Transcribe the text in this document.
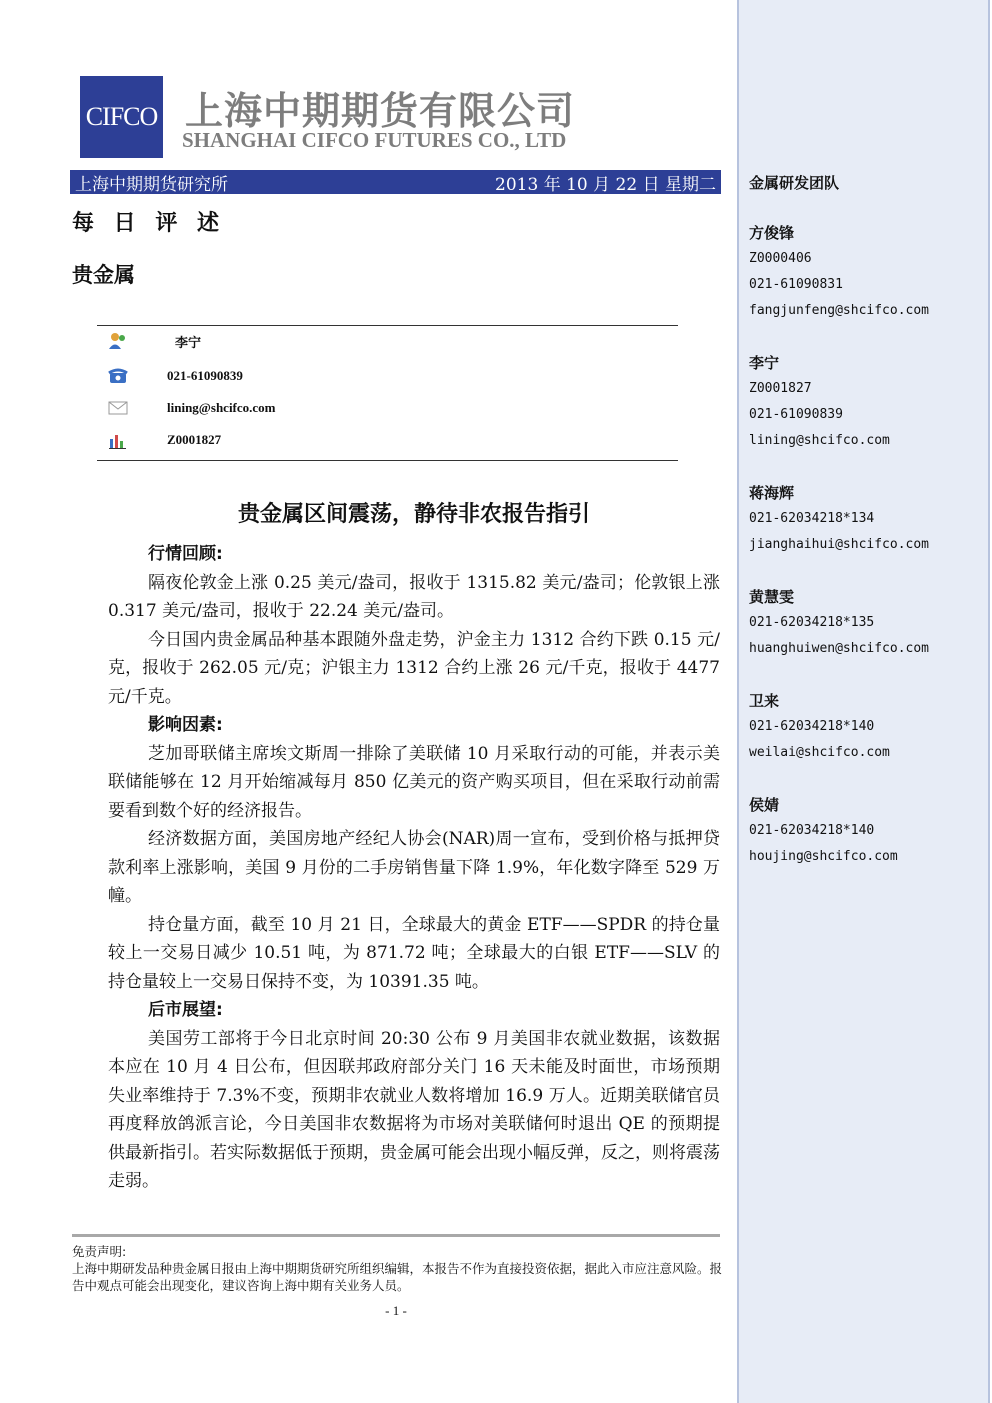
CIFCO 上海中期期货有限公司
SHANGHAI CIFCO FUTURES CO., LTD
上海中期期货研究所	2013 年 10 月 22 日 星期二
每 日 评 述
贵金属
李宁
021-61090839
lining@shcifco.com
Z0001827
贵金属区间震荡，静待非农报告指引
行情回顾:

隔夜伦敦金上涨 0.25 美元/盎司，报收于 1315.82 美元/盎司；伦敦银上涨 0.317 美元/盎司，报收于 22.24 美元/盎司。

今日国内贵金属品种基本跟随外盘走势，沪金主力 1312 合约下跌 0.15 元/克，报收于 262.05 元/克；沪银主力 1312 合约上涨 26 元/千克，报收于 4477 元/千克。

影响因素:

芝加哥联储主席埃文斯周一排除了美联储 10 月采取行动的可能，并表示美联储能够在 12 月开始缩减每月 850 亿美元的资产购买项目，但在采取行动前需要看到数个好的经济报告。

经济数据方面，美国房地产经纪人协会(NAR)周一宣布，受到价格与抵押贷款利率上涨影响，美国 9 月份的二手房销售量下降 1.9%，年化数字降至 529 万幢。

持仓量方面，截至 10 月 21 日，全球最大的黄金 ETF——SPDR 的持仓量较上一交易日减少 10.51 吨，为 871.72 吨；全球最大的白银 ETF——SLV 的持仓量较上一交易日保持不变，为 10391.35 吨。

后市展望:

美国劳工部将于今日北京时间 20:30 公布 9 月美国非农就业数据，该数据本应在 10 月 4 日公布，但因联邦政府部分关门 16 天未能及时面世，市场预期失业率维持于 7.3%不变，预期非农就业人数将增加 16.9 万人。近期美联储官员再度释放鸽派言论，今日美国非农数据将为市场对美联储何时退出 QE 的预期提供最新指引。若实际数据低于预期，贵金属可能会出现小幅反弹，反之，则将震荡走弱。

免责声明:
上海中期研发品种贵金属日报由上海中期期货研究所组织编辑，本报告不作为直接投资依据，据此入市应注意风险。报告中观点可能会出现变化，建议咨询上海中期有关业务人员。
- 1 -
金属研发团队
方俊锋
Z0000406
021-61090831
fangjunfeng@shcifco.com
李宁
Z0001827
021-61090839
lining@shcifco.com
蒋海辉
021-62034218*134
jianghaihui@shcifco.com
黄慧雯
021-62034218*135
huanghuiwen@shcifco.com
卫来
021-62034218*140
weilai@shcifco.com
侯婧
021-62034218*140
houjing@shcifco.com
